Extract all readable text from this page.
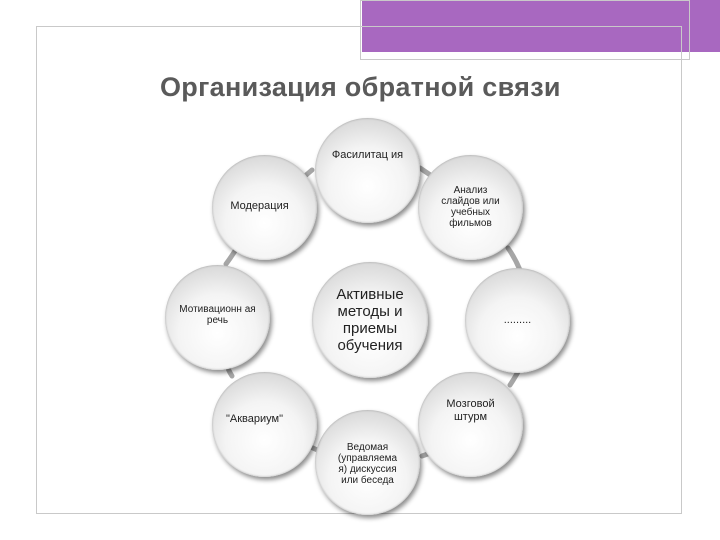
Организация обратной связи
Фасилитац ия
Анализ слайдов или учебных фильмов
.........
Мозговой штурм
Ведомая (управляема я) дискуссия или беседа
"Аквариум"
Мотивационн ая речь
Модерация
Активные методы и приемы обучения
